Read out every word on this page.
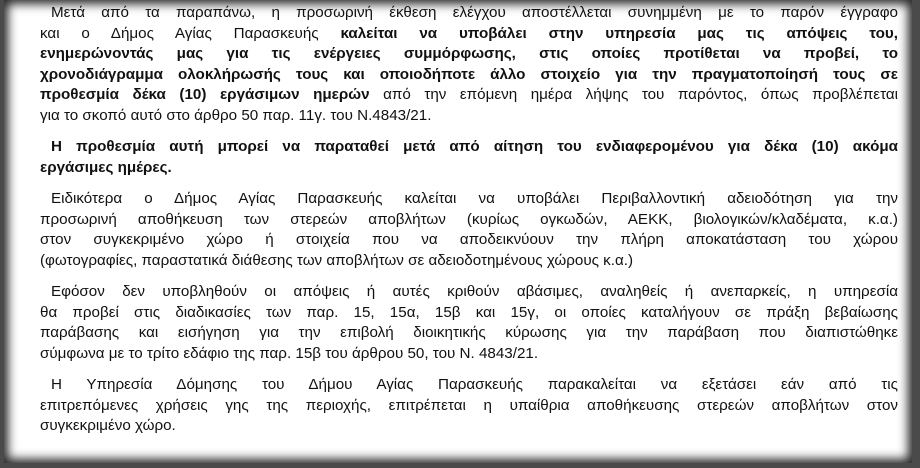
Μετά από τα παραπάνω, η προσωρινή έκθεση ελέγχου αποστέλλεται συνημμένη με το παρόν έγγραφο
και ο Δήμος Αγίας Παρασκευής καλείται να υποβάλει στην υπηρεσία μας τις απόψεις του,
ενημερώνοντάς μας για τις ενέργειες συμμόρφωσης, στις οποίες προτίθεται να προβεί, το
χρονοδιάγραμμα ολοκλήρωσής τους και οποιοδήποτε άλλο στοιχείο για την πραγματοποίησή τους σε
προθεσμία δέκα (10) εργάσιμων ημερών από την επόμενη ημέρα λήψης του παρόντος, όπως προβλέπεται
για το σκοπό αυτό στο άρθρο 50 παρ. 11γ. του Ν.4843/21.
Η προθεσμία αυτή μπορεί να παραταθεί μετά από αίτηση του ενδιαφερομένου για δέκα (10) ακόμα
εργάσιμες ημέρες.
Ειδικότερα ο Δήμος Αγίας Παρασκευής καλείται να υποβάλει Περιβαλλοντική αδειοδότηση για την
προσωρινή αποθήκευση των στερεών αποβλήτων (κυρίως ογκωδών, ΑΕΚΚ, βιολογικών/κλαδέματα, κ.α.)
στον συγκεκριμένο χώρο ή στοιχεία που να αποδεικνύουν την πλήρη αποκατάσταση του χώρου
(φωτογραφίες, παραστατικά διάθεσης των αποβλήτων σε αδειοδοτημένους χώρους κ.α.)
Εφόσον δεν υποβληθούν οι απόψεις ή αυτές κριθούν αβάσιμες, αναληθείς ή ανεπαρκείς, η υπηρεσία
θα προβεί στις διαδικασίες των παρ. 15, 15α, 15β και 15γ, οι οποίες καταλήγουν σε πράξη βεβαίωσης
παράβασης και εισήγηση για την επιβολή διοικητικής κύρωσης για την παράβαση που διαπιστώθηκε
σύμφωνα με το τρίτο εδάφιο της παρ. 15β του άρθρου 50, του Ν. 4843/21.
Η Υπηρεσία Δόμησης του Δήμου Αγίας Παρασκευής παρακαλείται να εξετάσει εάν από τις
επιτρεπόμενες χρήσεις γης της περιοχής, επιτρέπεται η υπαίθρια αποθήκευσης στερεών αποβλήτων στον
συγκεκριμένο χώρο.
